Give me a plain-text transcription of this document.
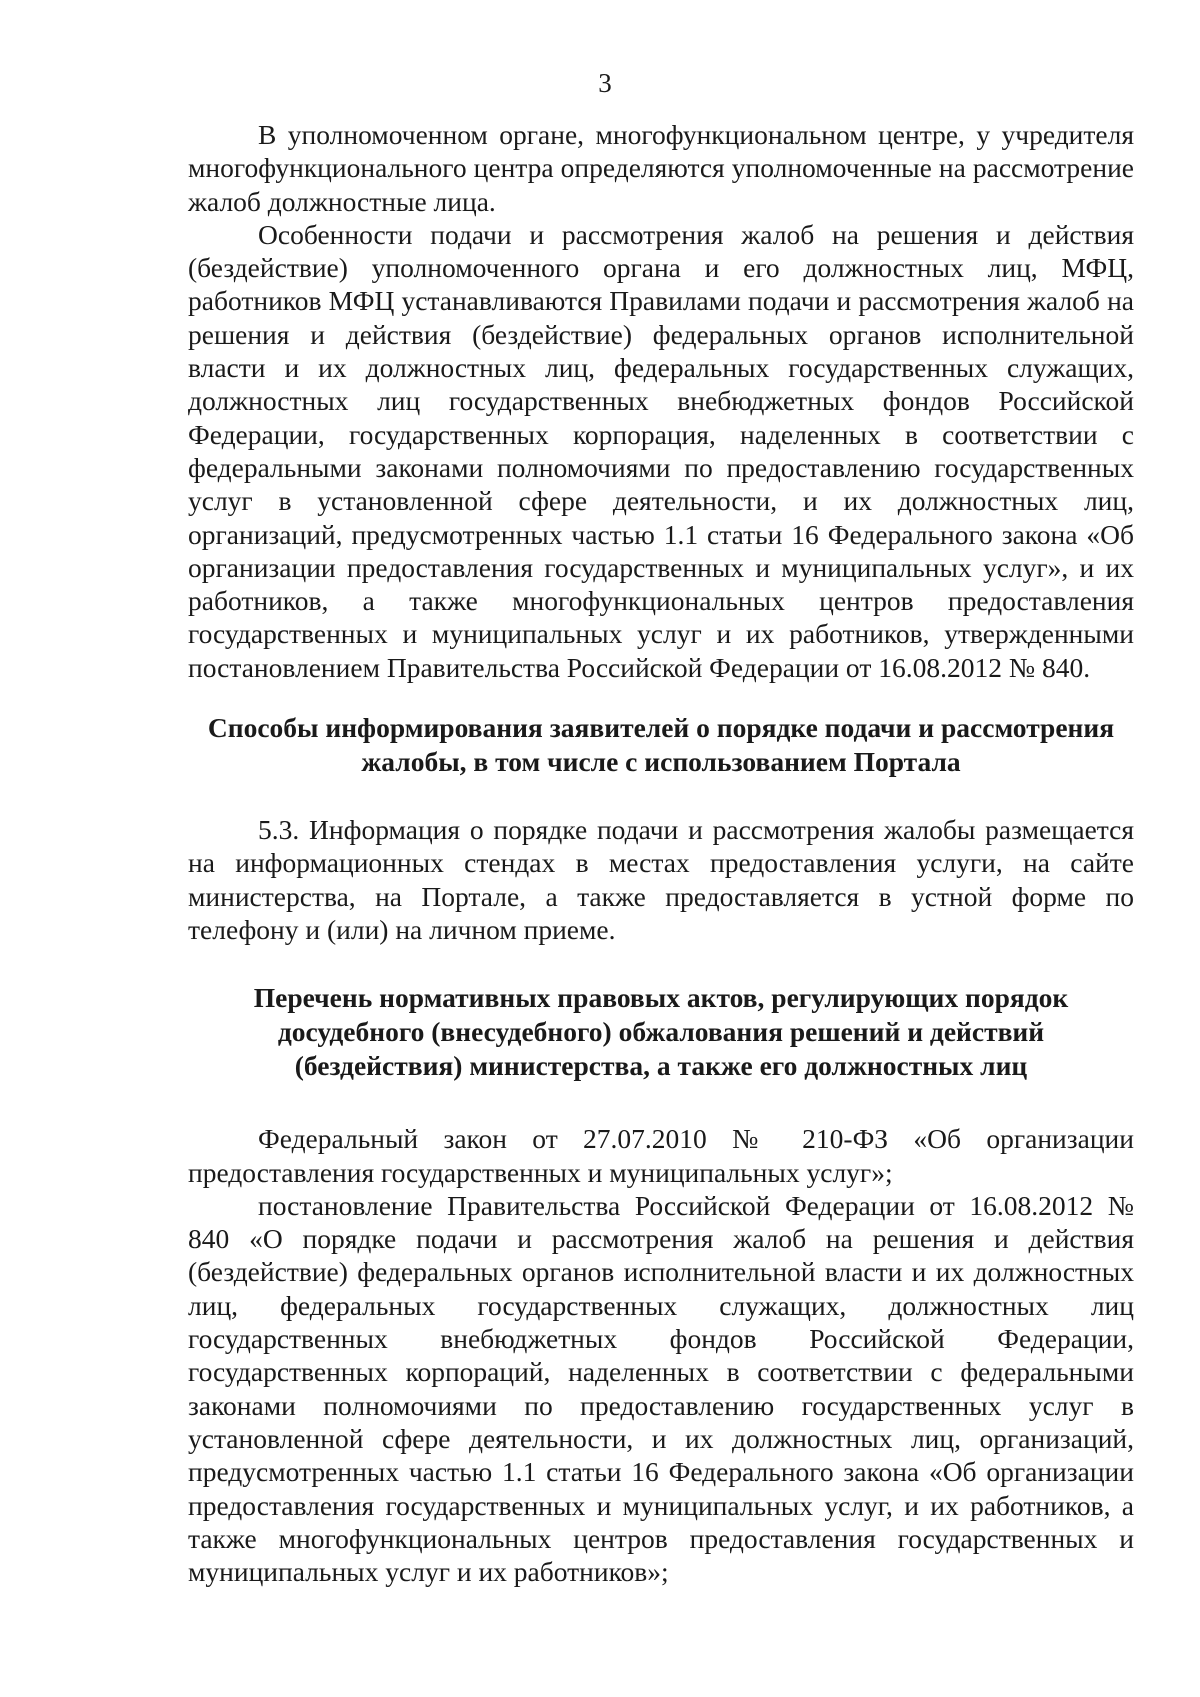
3

В уполномоченном органе, многофункциональном центре, у учредителя многофункционального центра определяются уполномоченные на рассмотрение жалоб должностные лица.

Особенности подачи и рассмотрения жалоб на решения и действия (бездействие) уполномоченного органа и его должностных лиц, МФЦ, работников МФЦ устанавливаются Правилами подачи и рассмотрения жалоб на решения и действия (бездействие) федеральных органов исполнительной власти и их должностных лиц, федеральных государственных служащих, должностных лиц государственных внебюджетных фондов Российской Федерации, государственных корпорация, наделенных в соответствии с федеральными законами полномочиями по предоставлению государственных услуг в установленной сфере деятельности, и их должностных лиц, организаций, предусмотренных частью 1.1 статьи 16 Федерального закона «Об организации предоставления государственных и муниципальных услуг», и их работников, а также многофункциональных центров предоставления государственных и муниципальных услуг и их работников, утвержденными постановлением Правительства Российской Федерации от 16.08.2012 № 840.

Способы информирования заявителей о порядке подачи и рассмотрения
жалобы, в том числе с использованием Портала

5.3. Информация о порядке подачи и рассмотрения жалобы размещается на информационных стендах в местах предоставления услуги, на сайте министерства, на Портале, а также предоставляется в устной форме по телефону и (или) на личном приеме.

Перечень нормативных правовых актов, регулирующих порядок
досудебного (внесудебного) обжалования решений и действий
(бездействия) министерства, а также его должностных лиц

Федеральный закон от 27.07.2010 № 210-ФЗ «Об организации предоставления государственных и муниципальных услуг»;

постановление Правительства Российской Федерации от 16.08.2012 № 840 «О порядке подачи и рассмотрения жалоб на решения и действия (бездействие) федеральных органов исполнительной власти и их должностных лиц, федеральных государственных служащих, должностных лиц государственных внебюджетных фондов Российской Федерации, государственных корпораций, наделенных в соответствии с федеральными законами полномочиями по предоставлению государственных услуг в установленной сфере деятельности, и их должностных лиц, организаций, предусмотренных частью 1.1 статьи 16 Федерального закона «Об организации предоставления государственных и муниципальных услуг, и их работников, а также многофункциональных центров предоставления государственных и муниципальных услуг и их работников»;
